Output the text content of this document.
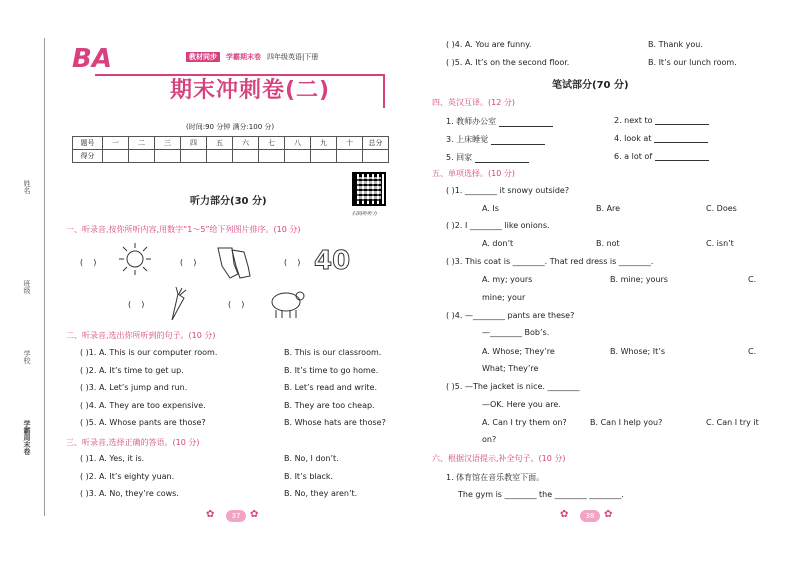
姓名
班级
学校
学霸周末卷
BA	教材同步	学霸期末卷 四年级英语|下册
期末冲刺卷(二)
(时间:90 分钟 满分:100 分)
题号	一	二	三	四	五	六	七	八	九	十	总分
得分											
扫码听听力
听力部分(30 分)
一、听录音,按你所听内容,用数字“1～5”给下列图片排序。(10 分)
(    )	(    )	(    ) 40
(    )	(    )
二、听录音,选出你所听到的句子。(10 分)
( )1. A. This is our computer room.	B. This is our classroom.
( )2. A. It’s time to get up.	B. It’s time to go home.
( )3. A. Let’s jump and run.	B. Let’s read and write.
( )4. A. They are too expensive.	B. They are too cheap.
( )5. A. Whose pants are those?	B. Whose hats are those?
三、听录音,选择正确的答语。(10 分)
( )1. A. Yes, it is.	B. No, I don’t.
( )2. A. It’s eighty yuan.	B. It’s black.
( )3. A. No, they’re cows.	B. No, they aren’t.
37
✿	✿
( )4. A. You are funny.	B. Thank you.
( )5. A. It’s on the second floor.	B. It’s our lunch room.
笔试部分(70 分)
四、英汉互译。(12 分)
1. 教师办公室	2. next to
3. 上床睡觉	4. look at
5. 回家	6. a lot of
五、单项选择。(10 分)
( )1. ________ it snowy outside?
A. Is	B. Are	C. Does
( )2. I ________ like onions.
A. don’t	B. not	C. isn’t
( )3. This coat is ________. That red dress is ________.
A. my; yours	B. mine; yours	C.
mine; your
( )4. —________ pants are these?
—________ Bob’s.
A. Whose; They’re	B. Whose; It’s	C.
What; They’re
( )5. —The jacket is nice. ________
—OK. Here you are.
A. Can I try them on?	B. Can I help you?	C. Can I try it
on?
六、根据汉语提示,补全句子。(10 分)
1. 体育馆在音乐教室下面。
The gym is ________ the ________ ________.
38
✿	✿
